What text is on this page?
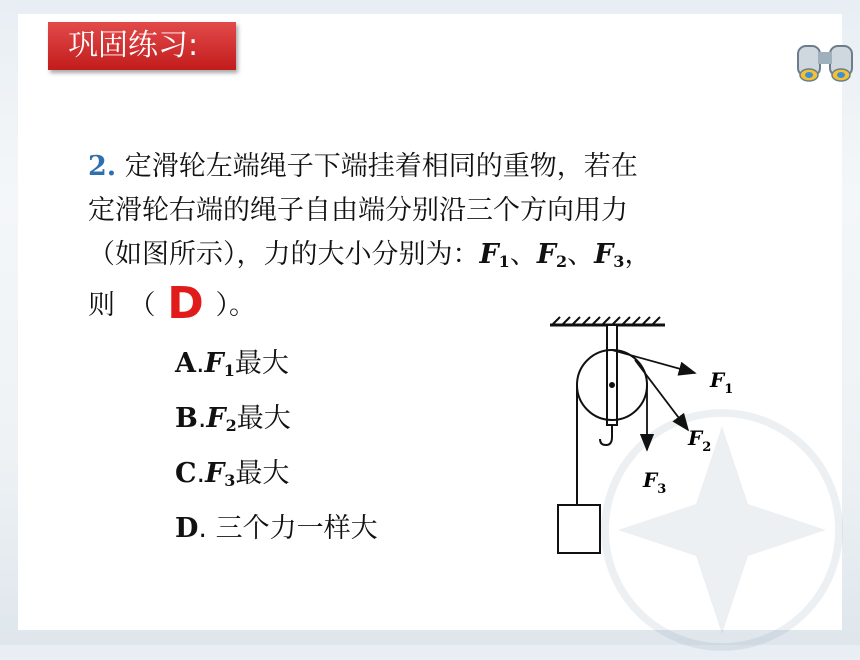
巩固练习:
2. 定滑轮左端绳子下端挂着相同的重物，若在
定滑轮右端的绳子自由端分别沿三个方向用力
（如图所示），力的大小分别为：$F_1$、$F_2$、$F_3$，
则　（ D ）。
$A.F_1$最大
$B.F_2$最大
$C.F_3$最大
D. 三个力一样大
$F_1$
$F_2$
$F_3$
